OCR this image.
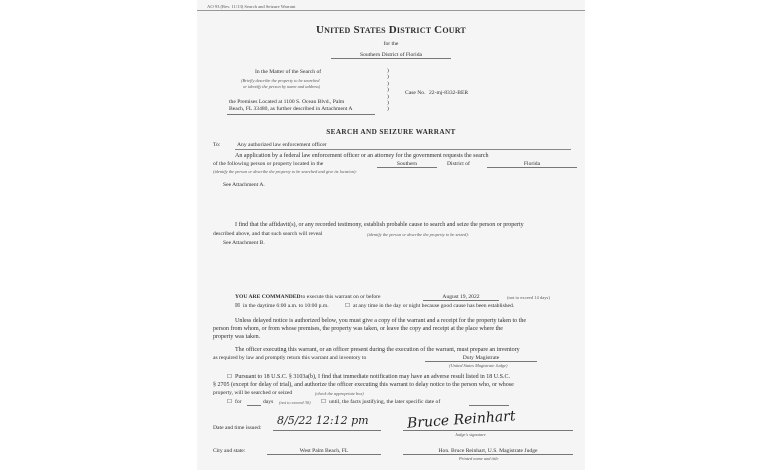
AO 93 (Rev. 11/13) Search and Seizure Warrant
United States District Court
for the
Southern District of Florida
In the Matter of the Search of
(Briefly describe the property to be searched
or identify the person by name and address)
the Premises Located at 1100 S. Ocean Blvd., Palm
Beach, FL 33480, as further described in Attachment A
)
)
)
)
)
)
)
Case No. 22-mj-8332-BER
SEARCH AND SEIZURE WARRANT
To:	Any authorized law enforcement officer
An application by a federal law enforcement officer or an attorney for the government requests the search
of the following person or property located in the	Southern	District of	Florida
(identify the person or describe the property to be searched and give its location):
See Attachment A.
I find that the affidavit(s), or any recorded testimony, establish probable cause to search and seize the person or property
described above, and that such search will reveal	(identify the person or describe the property to be seized):
See Attachment B.
YOU ARE COMMANDED to execute this warrant on or before	August 19, 2022	(not to exceed 14 days)
☒ in the daytime 6:00 a.m. to 10:00 p.m.	☐ at any time in the day or night because good cause has been established.
Unless delayed notice is authorized below, you must give a copy of the warrant and a receipt for the property taken to the
person from whom, or from whose premises, the property was taken, or leave the copy and receipt at the place where the
property was taken.
The officer executing this warrant, or an officer present during the execution of the warrant, must prepare an inventory
as required by law and promptly return this warrant and inventory to	Duty Magistrate
(United States Magistrate Judge)
☐ Pursuant to 18 U.S.C. § 3103a(b), I find that immediate notification may have an adverse result listed in 18 U.S.C.
§ 2705 (except for delay of trial), and authorize the officer executing this warrant to delay notice to the person who, or whose
property, will be searched or seized	(check the appropriate box)
☐ for	days (not to exceed 30) ☐ until, the facts justifying, the later specific date of
Date and time issued:
8/5/22 12:12 pm	Bruce Reinhart
Judge's signature
City and state:	West Palm Beach, FL	Hon. Bruce Reinhart, U.S. Magistrate Judge
Printed name and title
